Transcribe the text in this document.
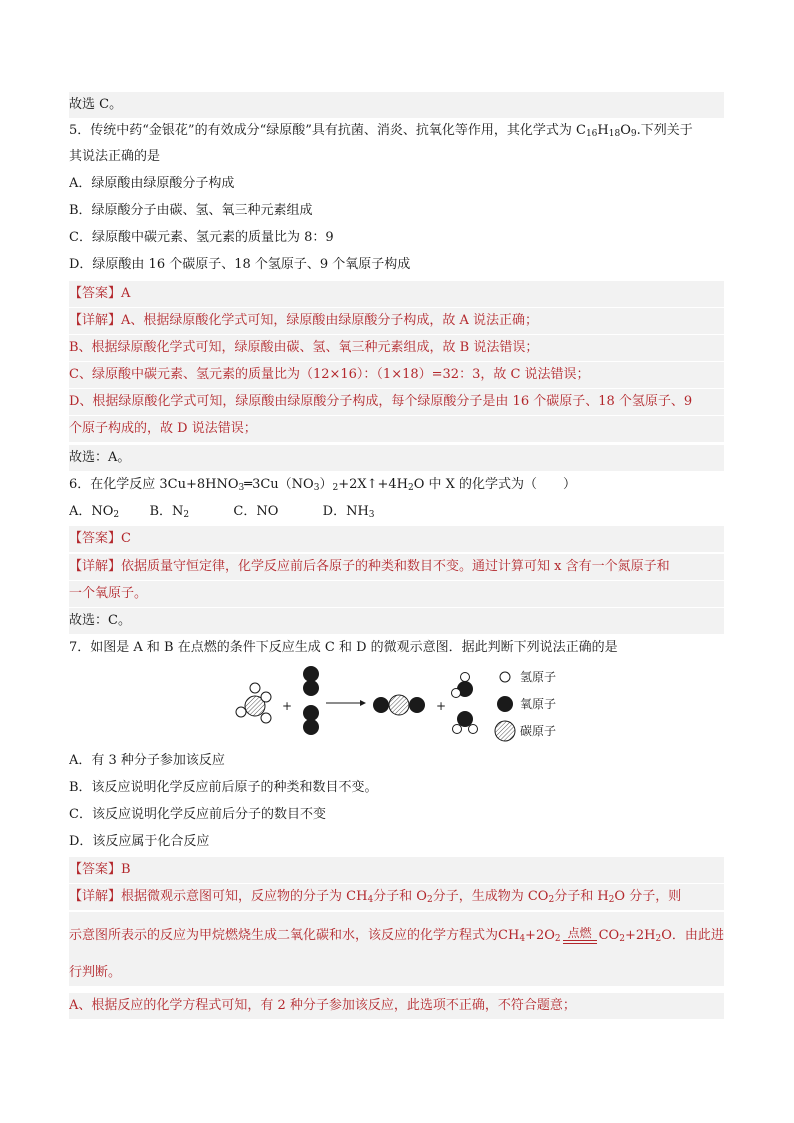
故选 C。
5．传统中药“金银花”的有效成分“绿原酸”具有抗菌、消炎、抗氧化等作用，其化学式为 $C_{16}H_{18}O_9$.下列关于
其说法正确的是
A．绿原酸由绿原酸分子构成
B．绿原酸分子由碳、氢、氧三种元素组成
C．绿原酸中碳元素、氢元素的质量比为 8：9
D．绿原酸由 16 个碳原子、18 个氢原子、9 个氧原子构成
【答案】A
【详解】A、根据绿原酸化学式可知，绿原酸由绿原酸分子构成，故 A 说法正确；
B、根据绿原酸化学式可知，绿原酸由碳、氢、氧三种元素组成，故 B 说法错误；
C、绿原酸中碳元素、氢元素的质量比为（12×16）：（1×18）=32：3，故 C 说法错误；
D、根据绿原酸化学式可知，绿原酸由绿原酸分子构成，每个绿原酸分子是由 16 个碳原子、18 个氢原子、9
个原子构成的，故 D 说法错误；
故选：A。
6．在化学反应 $3Cu+8HNO_3═3Cu(NO_3)_2+2X↑+4H_2O$ 中 X 的化学式为（　　）
A．$NO_2$ B．$N_2$	C．NO	D．$NH_3$
【答案】C
【详解】依据质量守恒定律，化学反应前后各原子的种类和数目不变。通过计算可知 x 含有一个氮原子和
一个氧原子。
故选：C。
7．如图是 A 和 B 在点燃的条件下反应生成 C 和 D 的微观示意图．据此判断下列说法正确的是
+	+
氢原子
氧原子
碳原子
A．有 3 种分子参加该反应
B．该反应说明化学反应前后原子的种类和数目不变。
C．该反应说明化学反应前后分子的数目不变
D．该反应属于化合反应
【答案】B
【详解】根据微观示意图可知，反应物的分子为 $CH_4$分子和 $O_2$分子，生成物为 $CO_2$分子和 $H_2O$ 分子，则
示意图所表示的反应为甲烷燃烧生成二氧化碳和水，该反应的化学方程式为$CH_4+2O_2$ 点燃 $CO_2+2H_2O$．由此进
行判断。
A、根据反应的化学方程式可知，有 2 种分子参加该反应，此选项不正确，不符合题意；
